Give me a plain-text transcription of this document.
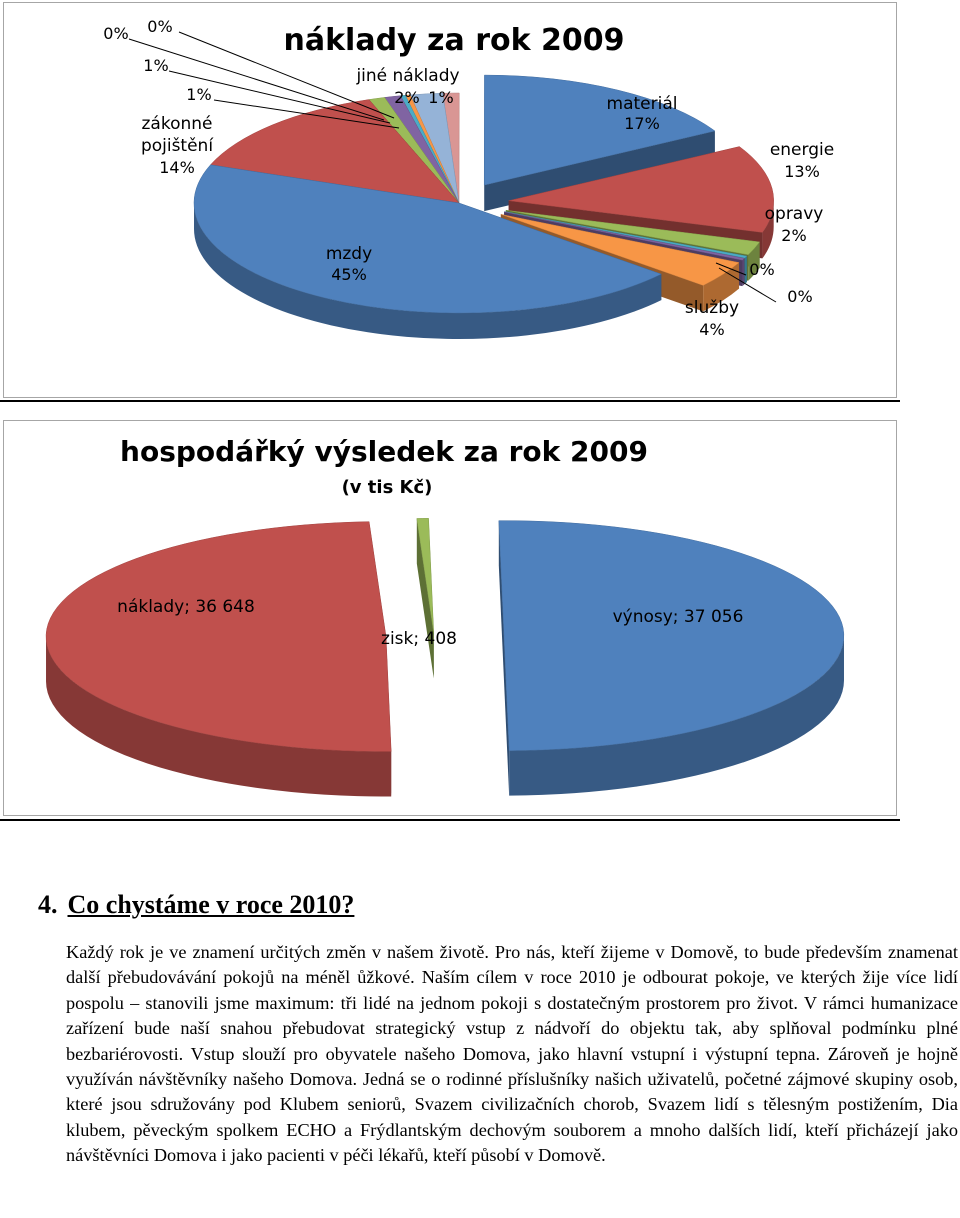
náklady za rok 2009
materiál
17%
energie
13%
opravy
2%
0%
0%
služby
4%
mzdy
45%
zákonné
pojištění
14%
1%
1%
0% 0%
jiné náklady
2% 1%
hospodářký výsledek za rok 2009
(v tis Kč)
výnosy; 37 056
náklady; 36 648
zisk; 408
4. Co chystáme v roce 2010?

Každý rok je ve znamení určitých změn v našem životě. Pro nás, kteří žijeme v Domově, to bude především znamenat další přebudovávání pokojů na méněl ůžkové. Naším cílem v roce 2010 je odbourat pokoje, ve kterých žije více lidí pospolu – stanovili jsme maximum: tři lidé na jednom pokoji s dostatečným prostorem pro život. V rámci humanizace zařízení bude naší snahou přebudovat strategický vstup z nádvoří do objektu tak, aby splňoval podmínku plné bezbariérovosti. Vstup slouží pro obyvatele našeho Domova, jako hlavní vstupní i výstupní tepna. Zároveň je hojně využíván návštěvníky našeho Domova. Jedná se o rodinné příslušníky našich uživatelů, početné zájmové skupiny osob, které jsou sdružovány pod Klubem seniorů, Svazem civilizačních chorob, Svazem lidí s tělesným postižením, Dia klubem, pěveckým spolkem ECHO a Frýdlantským dechovým souborem a mnoho dalších lidí, kteří přicházejí jako návštěvníci Domova i jako pacienti v péči lékařů, kteří působí v Domově.
